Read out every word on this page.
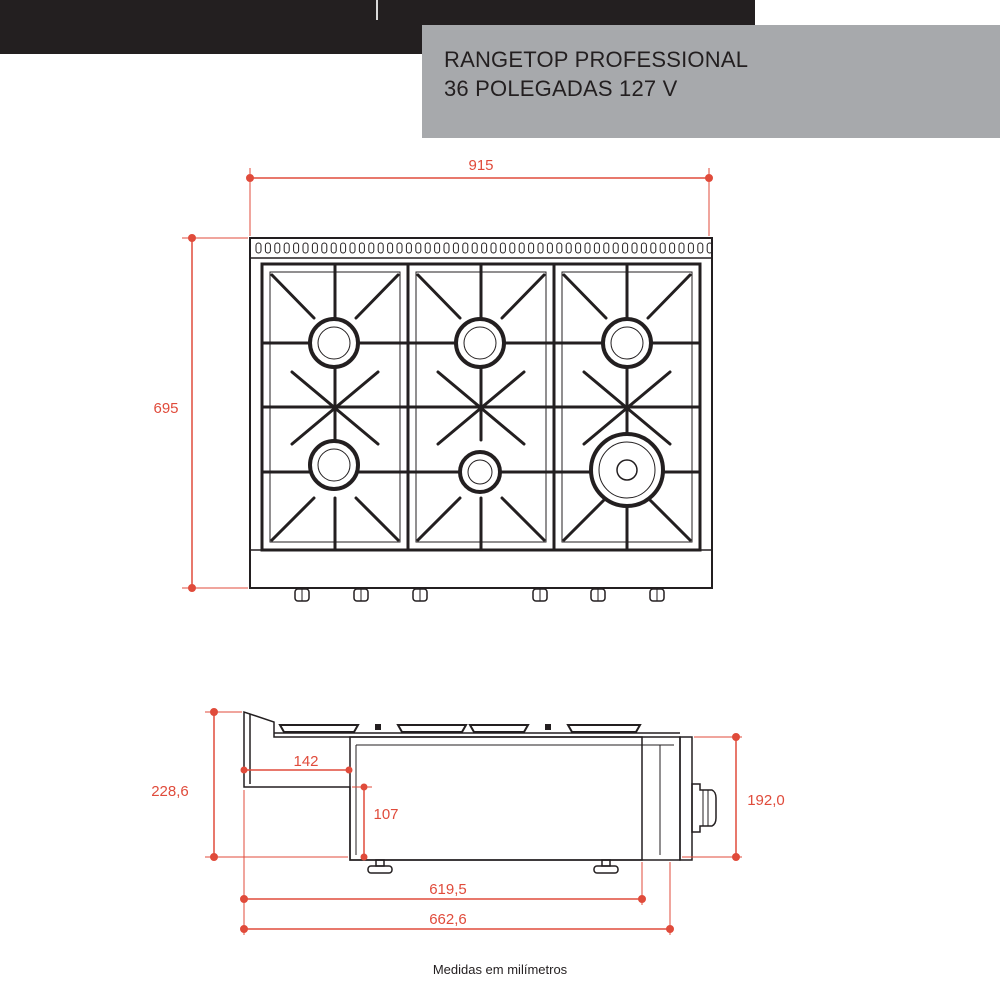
RANGETOP PROFESSIONAL
36 POLEGADAS 127 V
915
695
228,6
192,0
142
107
619,5
662,6
Medidas em milímetros
